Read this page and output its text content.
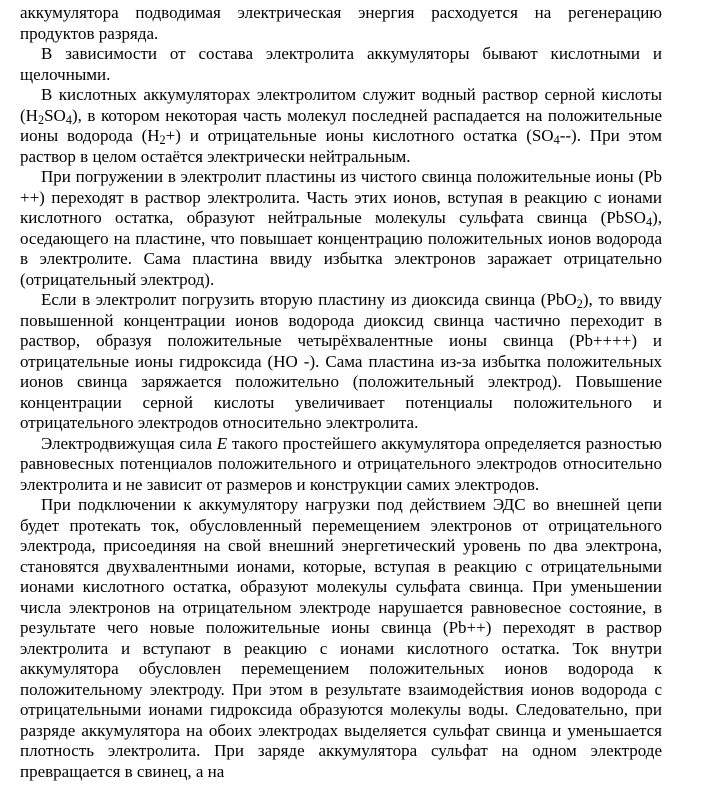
аккумулятора подводимая электрическая энергия расходуется на регенерацию продуктов разряда.

В зависимости от состава электролита аккумуляторы бывают кислотными и щелочными.

В кислотных аккумуляторах электролитом служит водный раствор серной кислоты $(H_2SO_4)$, в котором некоторая часть молекул последней распадается на положительные ионы водорода $(H_2+)$ и отрицательные ионы кислотного остатка $(SO_4--)$. При этом раствор в целом остаётся электрически нейтральным.

При погружении в электролит пластины из чистого свинца положительные ионы (Pb ++) переходят в раствор электролита. Часть этих ионов, вступая в реакцию с ионами кислотного остатка, образуют нейтральные молекулы сульфата свинца (PbSO$_4$), оседающего на пластине, что повышает концентрацию положительных ионов водорода в электролите. Сама пластина ввиду избытка электронов заражает отрицательно (отрицательный электрод).

Если в электролит погрузить вторую пластину из диоксида свинца (PbO$_2$), то ввиду повышенной концентрации ионов водорода диоксид свинца частично переходит в раствор, образуя положительные четырёхвалентные ионы свинца (Pb++++) и отрицательные ионы гидроксида (HO -). Сама пластина из-за избытка положительных ионов свинца заряжается положительно (положительный электрод). Повышение концентрации серной кислоты увеличивает потенциалы положительного и отрицательного электродов относительно электролита.

Электродвижущая сила E такого простейшего аккумулятора определяется разностью равновесных потенциалов положительного и отрицательного электродов относительно электролита и не зависит от размеров и конструкции самих электродов.

При подключении к аккумулятору нагрузки под действием ЭДС во внешней цепи будет протекать ток, обусловленный перемещением электронов от отрицательного электрода, присоединяя на свой внешний энергетический уровень по два электрона, становятся двухвалентными ионами, которые, вступая в реакцию с отрицательными ионами кислотного остатка, образуют молекулы сульфата свинца. При уменьшении числа электронов на отрицательном электроде нарушается равновесное состояние, в результате чего новые положительные ионы свинца (Pb++) переходят в раствор электролита и вступают в реакцию с ионами кислотного остатка. Ток внутри аккумулятора обусловлен перемещением положительных ионов водорода к положительному электроду. При этом в результате взаимодействия ионов водорода с отрицательными ионами гидроксида образуются молекулы воды. Следовательно, при разряде аккумулятора на обоих электродах выделяется сульфат свинца и уменьшается плотность электролита. При заряде аккумулятора сульфат на одном электроде превращается в свинец, а на
